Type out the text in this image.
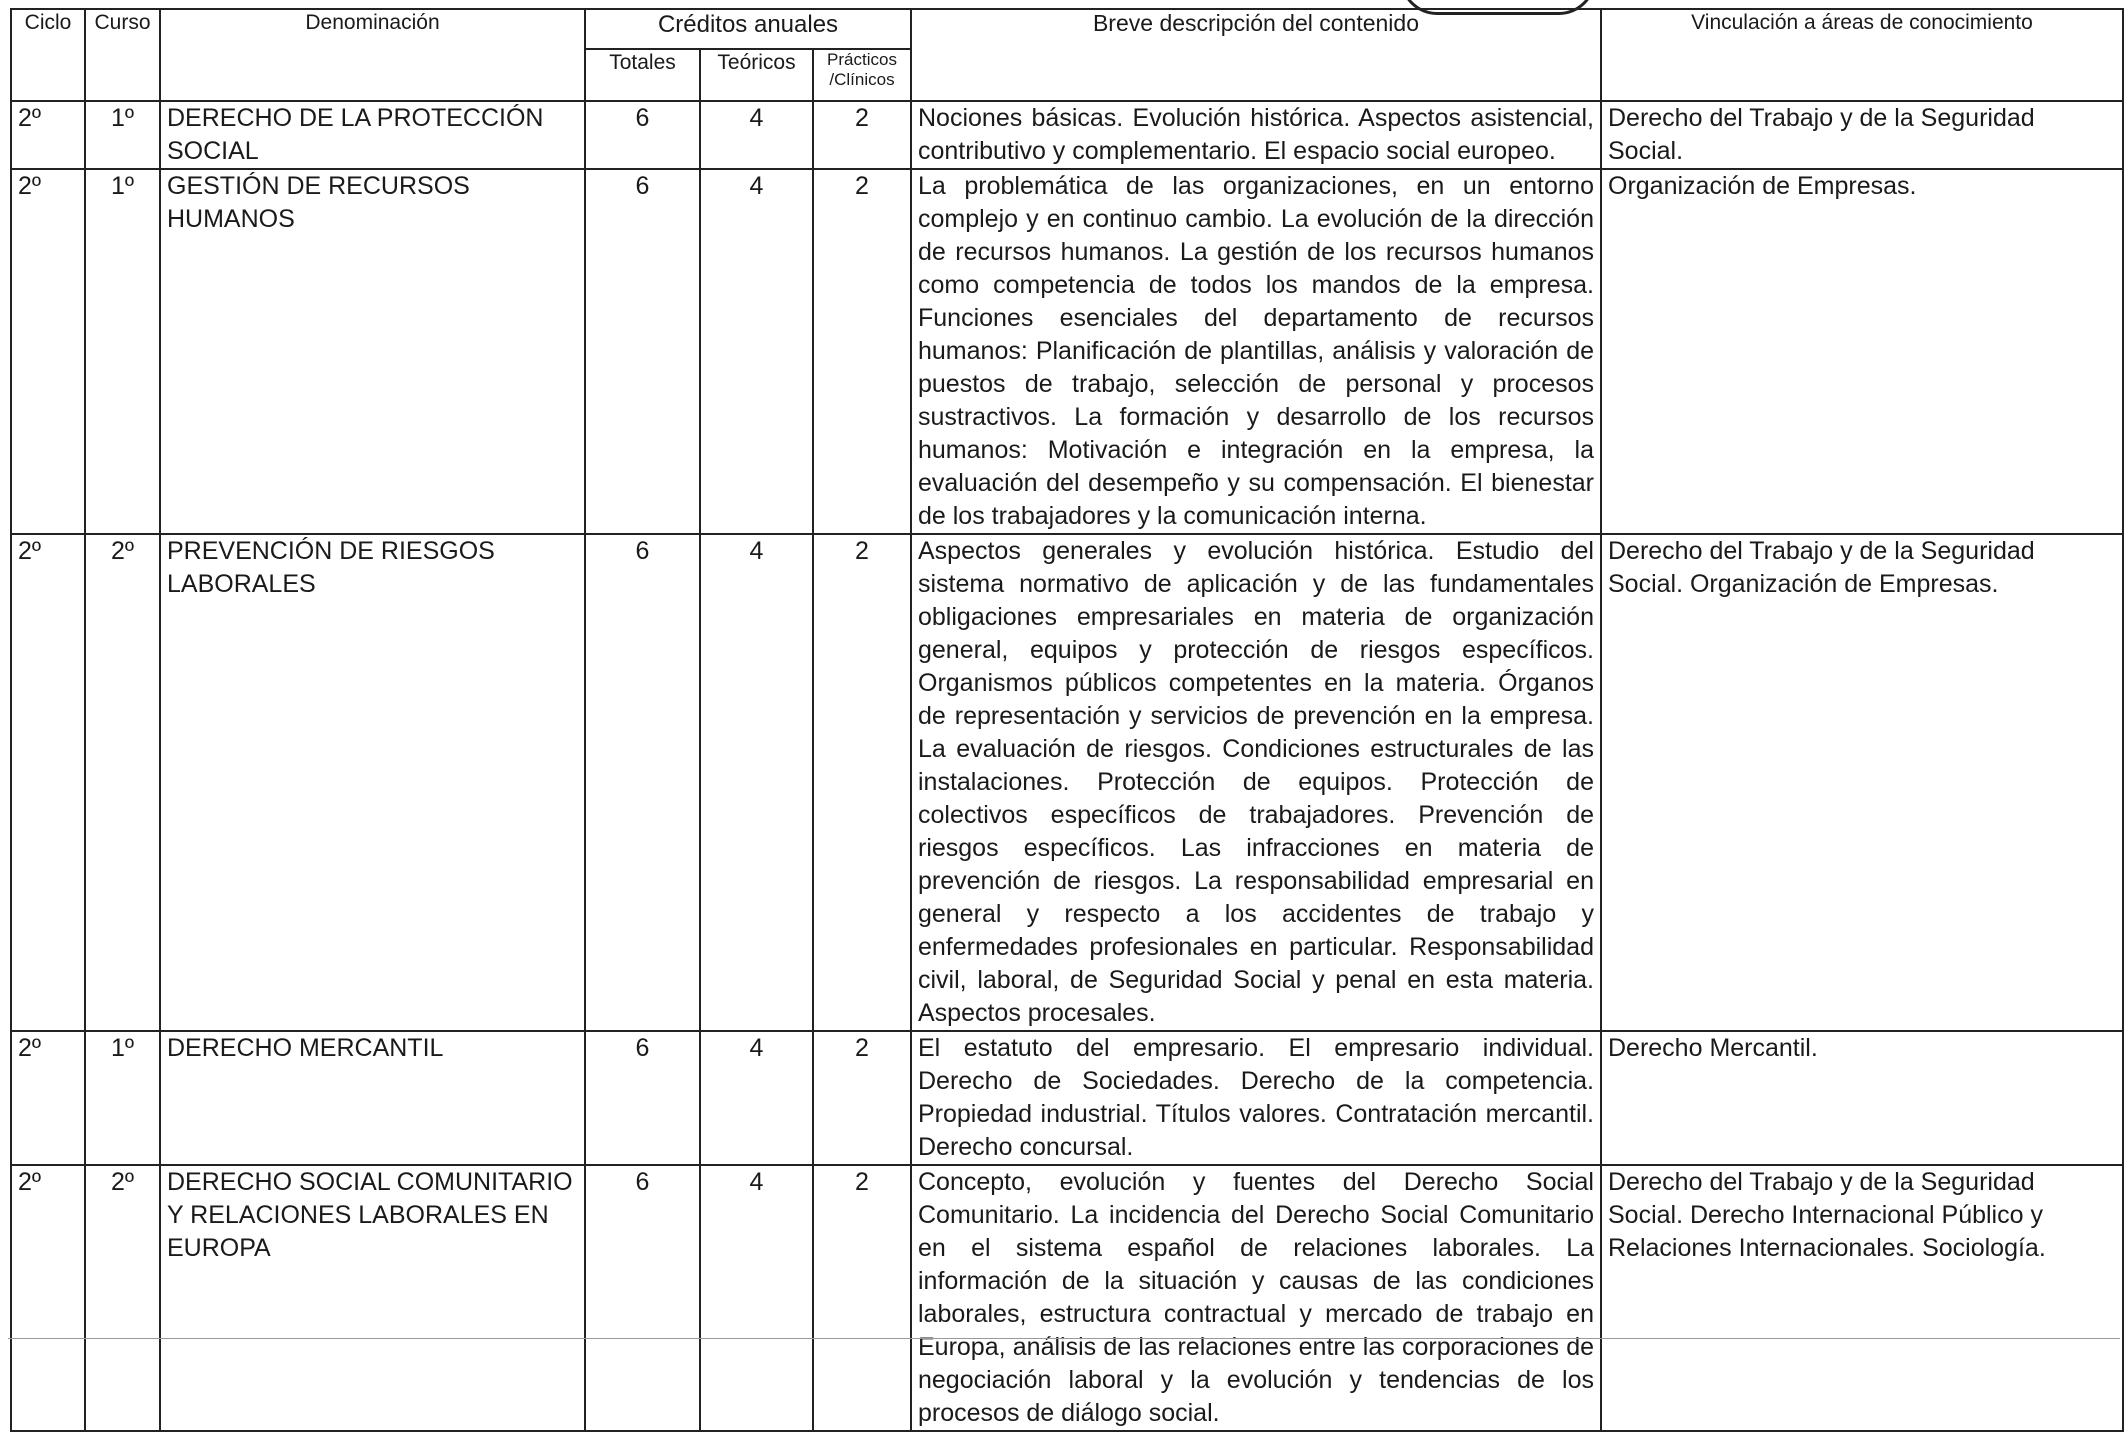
Ciclo	Curso	Denominación	Créditos anuales			Breve descripción del contenido	Vinculación a áreas de conocimiento
			Totales	Teóricos	Prácticos
/Clínicos		

2º	1º	DERECHO DE LA PROTECCIÓN SOCIAL	6	4	2	Nociones básicas. Evolución histórica. Aspectos asistencial, contributivo y complementario. El espacio social europeo.	Derecho del Trabajo y de la Seguridad Social.
2º	1º	GESTIÓN DE RECURSOS HUMANOS	6	4	2	La problemática de las organizaciones, en un entorno complejo y en continuo cambio. La evolución de la dirección de recursos humanos. La gestión de los recursos humanos como competencia de todos los mandos de la empresa. Funciones esenciales del departamento de recursos humanos: Planificación de plantillas, análisis y valoración de puestos de trabajo, selección de personal y procesos sustractivos. La formación y desarrollo de los recursos humanos: Motivación e integración en la empresa, la evaluación del desempeño y su compensación. El bienestar de los trabajadores y la comunicación interna.	Organización de Empresas.
2º	2º	PREVENCIÓN DE RIESGOS LABORALES	6	4	2	Aspectos generales y evolución histórica. Estudio del sistema normativo de aplicación y de las fundamentales obligaciones empresariales en materia de organización general, equipos y protección de riesgos específicos. Organismos públicos competentes en la materia. Órganos de representación y servicios de prevención en la empresa. La evaluación de riesgos. Condiciones estructurales de las instalaciones. Protección de equipos. Protección de colectivos específicos de trabajadores. Prevención de riesgos específicos. Las infracciones en materia de prevención de riesgos. La responsabilidad empresarial en general y respecto a los accidentes de trabajo y enfermedades profesionales en particular. Responsabilidad civil, laboral, de Seguridad Social y penal en esta materia. Aspectos procesales.	Derecho del Trabajo y de la Seguridad Social. Organización de Empresas.
2º	1º	DERECHO MERCANTIL	6	4	2	El estatuto del empresario. El empresario individual. Derecho de Sociedades. Derecho de la competencia. Propiedad industrial. Títulos valores. Contratación mercantil. Derecho concursal.	Derecho Mercantil.
2º	2º	DERECHO SOCIAL COMUNITARIO Y RELACIONES LABORALES EN EUROPA	6	4	2	Concepto, evolución y fuentes del Derecho Social Comunitario. La incidencia del Derecho Social Comunitario en el sistema español de relaciones laborales. La información de la situación y causas de las condiciones laborales, estructura contractual y mercado de trabajo en Europa, análisis de las relaciones entre las corporaciones de negociación laboral y la evolución y tendencias de los procesos de diálogo social.	Derecho del Trabajo y de la Seguridad Social. Derecho Internacional Público y Relaciones Internacionales. Sociología.
